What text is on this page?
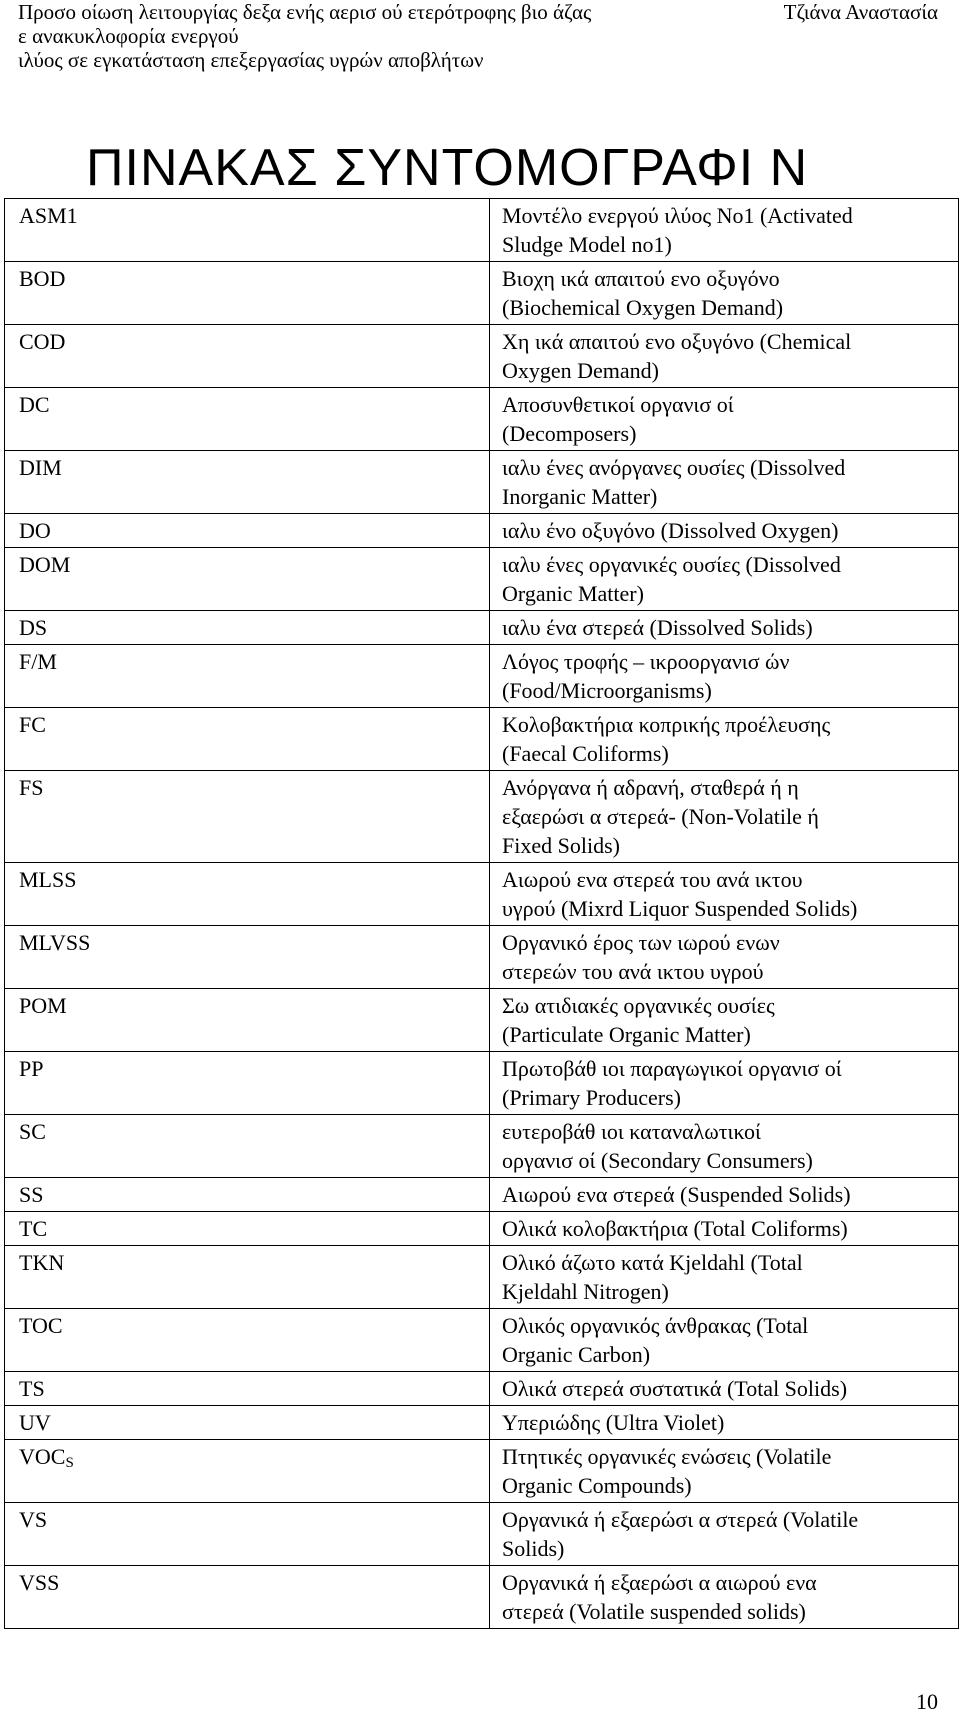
Προσο οίωση λειτουργίας δεξα ενής αερισ ού ετερότροφης βιο άζας	Τζιάνα Αναστασία
ε ανακυκλοφορία ενεργού
ιλύος σε εγκατάσταση επεξεργασίας υγρών αποβλήτων
ΠΙΝΑΚΑΣ ΣΥΝΤΟΜΟΓΡΑΦΙ Ν
ASM1	Μοντέλο ενεργού ιλύος Νο1 (Activated
Sludge Model no1)

BOD	Βιοχη ικά απαιτού ενο οξυγόνο
(Biochemical Oxygen Demand)

COD	Χη ικά απαιτού ενο οξυγόνο (Chemical
Oxygen Demand)

DC	Αποσυνθετικοί οργανισ οί
(Decomposers)

DIM	ιαλυ ένες ανόργανες ουσίες (Dissolved
Inorganic Matter)

DO	ιαλυ ένο οξυγόνο (Dissolved Oxygen)

DOM	ιαλυ ένες οργανικές ουσίες (Dissolved
Organic Matter)

DS	ιαλυ ένα στερεά (Dissolved Solids)

F/M	Λόγος τροφής – ικροοργανισ ών
(Food/Microorganisms)

FC	Κολοβακτήρια κοπρικής προέλευσης
(Faecal Coliforms)

FS	Ανόργανα ή αδρανή, σταθερά ή η
εξαερώσι α στερεά- (Non-Volatile ή
Fixed Solids)

MLSS	Αιωρού ενα στερεά του ανά ικτου
υγρού (Mixrd Liquor Suspended Solids)

MLVSS	Οργανικό έρος των ιωρού ενων
στερεών του ανά ικτου υγρού

POM	Σω ατιδιακές οργανικές ουσίες
(Particulate Organic Matter)

PP	Πρωτοβάθ ιοι παραγωγικοί οργανισ οί
(Primary Producers)

SC	ευτεροβάθ ιοι καταναλωτικοί
οργανισ οί (Secondary Consumers)

SS	Αιωρού ενα στερεά (Suspended Solids)

TC	Ολικά κολοβακτήρια (Total Coliforms)

TKN	Ολικό άζωτο κατά Kjeldahl (Total
Kjeldahl Nitrogen)

TOC	Ολικός οργανικός άνθρακας (Total
Organic Carbon)

TS	Ολικά στερεά συστατικά (Total Solids)

UV	Υπεριώδης (Ultra Violet)

$VOC_S$	Πτητικές οργανικές ενώσεις (Volatile
Organic Compounds)

VS	Οργανικά ή εξαερώσι α στερεά (Volatile
Solids)

VSS	Οργανικά ή εξαερώσι α αιωρού ενα
στερεά (Volatile suspended solids)
10
